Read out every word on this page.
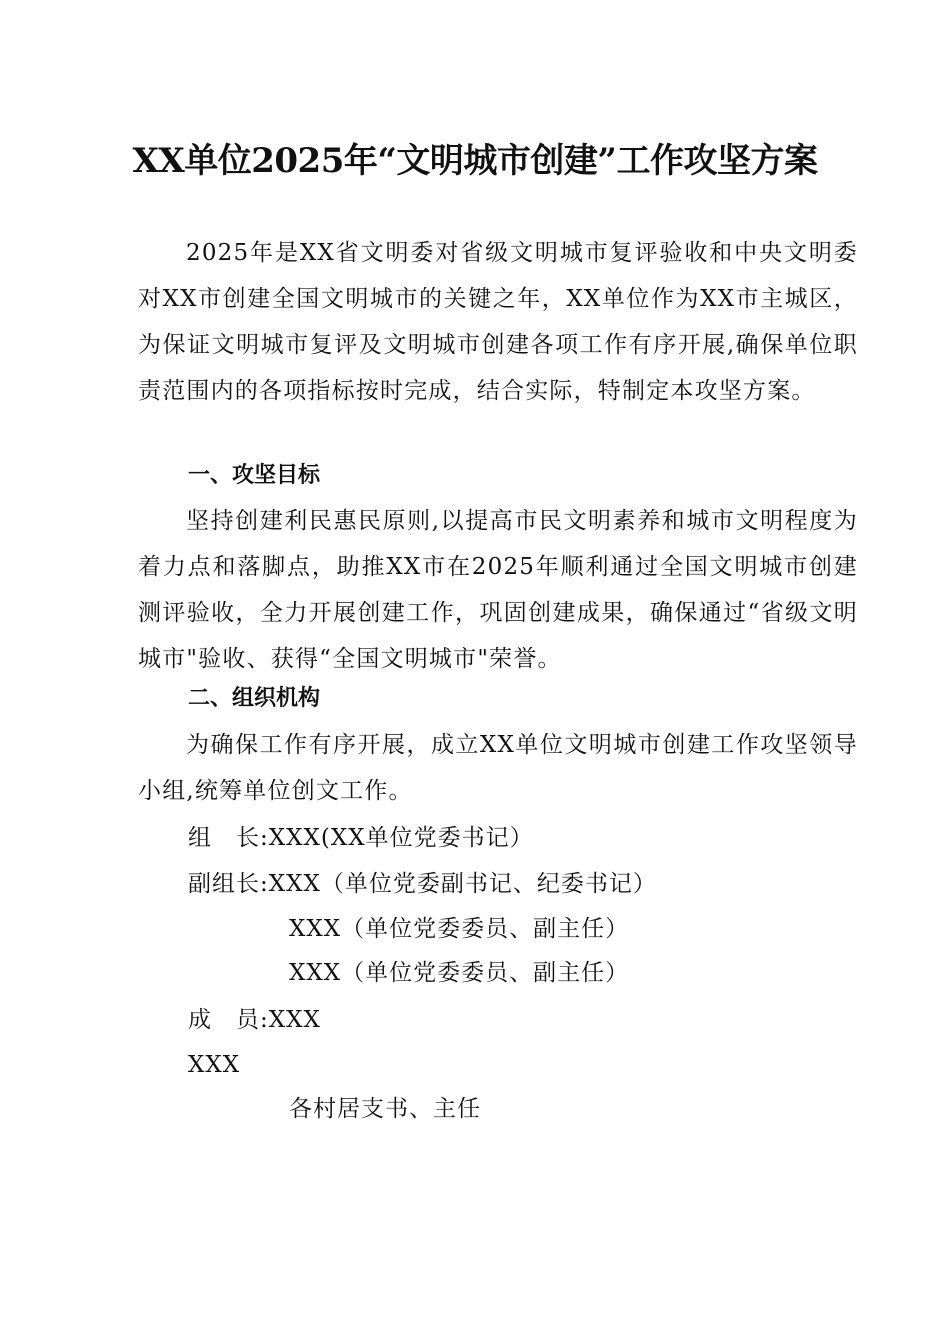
XX单位2025年“文明城市创建”工作攻坚方案
2025年是XX省文明委对省级文明城市复评验收和中央文明委对XX市创建全国文明城市的关键之年，XX单位作为XX市主城区，为保证文明城市复评及文明城市创建各项工作有序开展,确保单位职责范围内的各项指标按时完成，结合实际，特制定本攻坚方案。
一、攻坚目标
坚持创建利民惠民原则,以提高市民文明素养和城市文明程度为着力点和落脚点，助推XX市在2025年顺利通过全国文明城市创建测评验收，全力开展创建工作，巩固创建成果，确保通过“省级文明城市"验收、获得“全国文明城市"荣誉。
二、组织机构
为确保工作有序开展，成立XX单位文明城市创建工作攻坚领导小组,统筹单位创文工作。
组　长:XXX(XX单位党委书记）
副组长:XXX（单位党委副书记、纪委书记）
XXX（单位党委委员、副主任）
XXX（单位党委委员、副主任）
成　员:XXX
XXX
各村居支书、主任
